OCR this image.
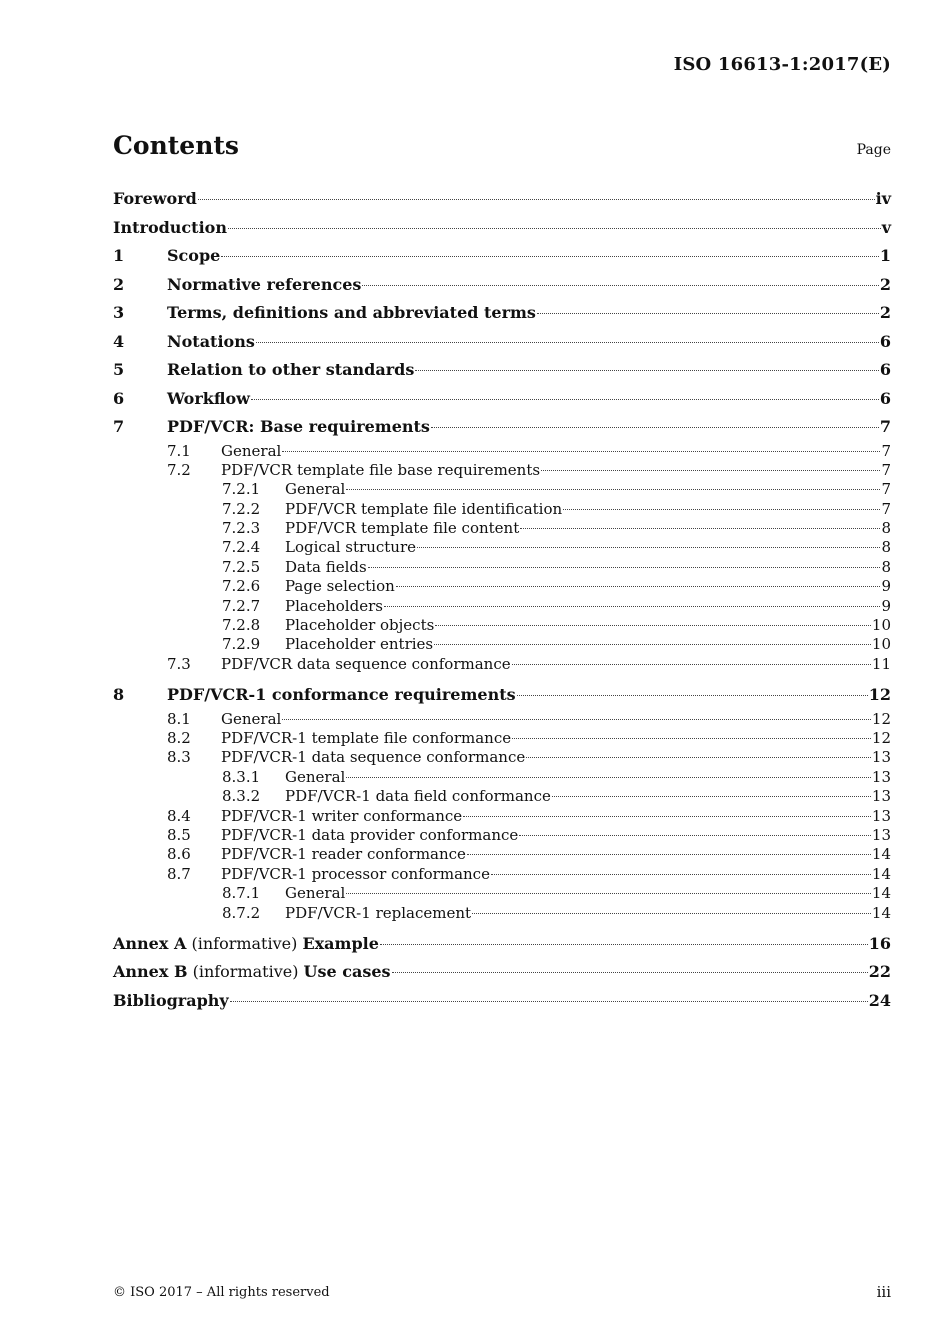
ISO 16613-1:2017(E)
Contents	Page
Foreword	iv
Introduction	v
1	Scope	1
2	Normative references	2
3	Terms, definitions and abbreviated terms	2
4	Notations	6
5	Relation to other standards	6
6	Workflow	6
7	PDF/VCR: Base requirements	7
7.1	General	7
7.2	PDF/VCR template file base requirements	7
7.2.1	General	7
7.2.2	PDF/VCR template file identification	7
7.2.3	PDF/VCR template file content	8
7.2.4	Logical structure	8
7.2.5	Data fields	8
7.2.6	Page selection	9
7.2.7	Placeholders	9
7.2.8	Placeholder objects	10
7.2.9	Placeholder entries	10
7.3	PDF/VCR data sequence conformance	11
8	PDF/VCR-1 conformance requirements	12
8.1	General	12
8.2	PDF/VCR-1 template file conformance	12
8.3	PDF/VCR-1 data sequence conformance	13
8.3.1	General	13
8.3.2	PDF/VCR-1 data field conformance	13
8.4	PDF/VCR-1 writer conformance	13
8.5	PDF/VCR-1 data provider conformance	13
8.6	PDF/VCR-1 reader conformance	14
8.7	PDF/VCR-1 processor conformance	14
8.7.1	General	14
8.7.2	PDF/VCR-1 replacement	14
Annex A (informative) Example	16
Annex B (informative) Use cases	22
Bibliography	24
© ISO 2017 – All rights reserved	iii
